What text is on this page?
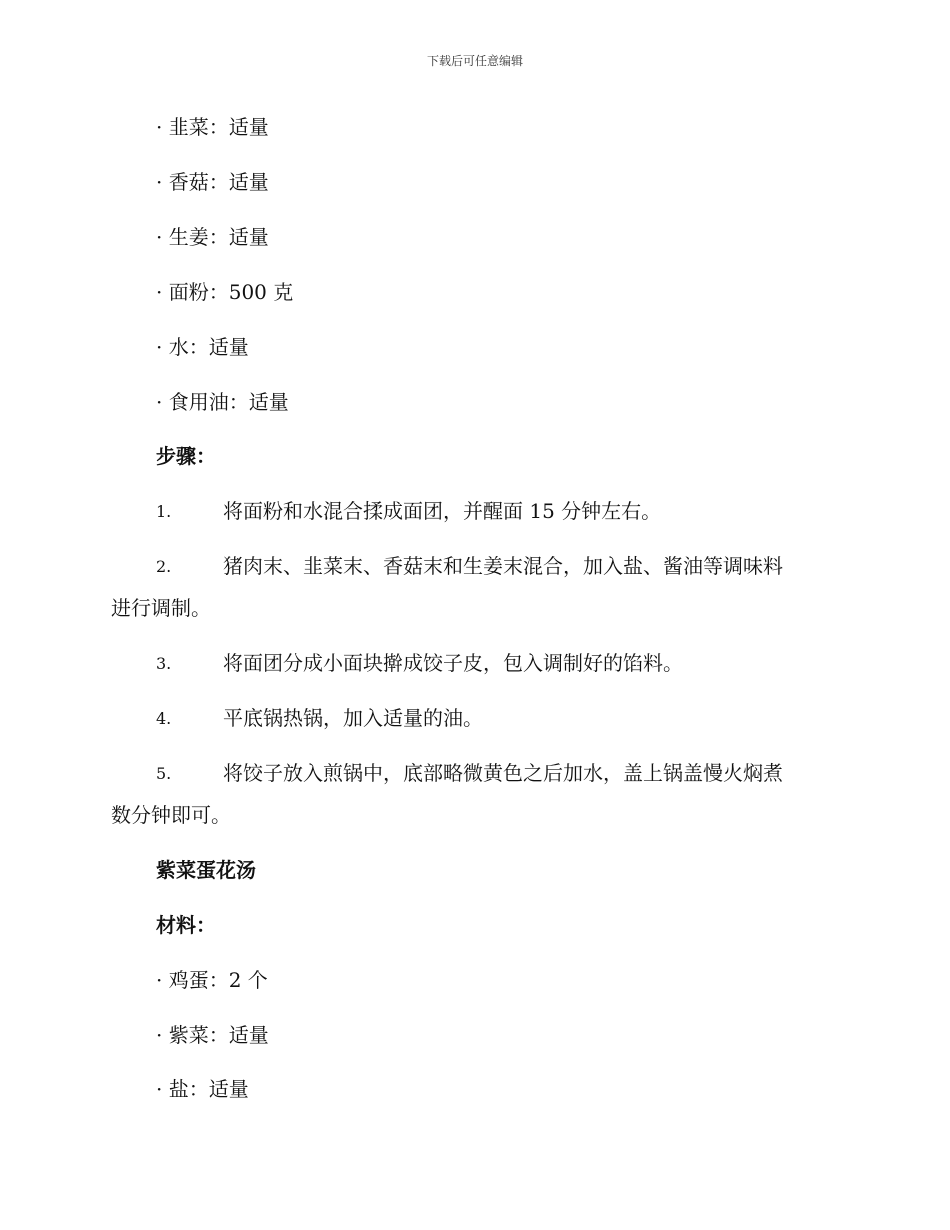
下载后可任意编辑
· 韭菜：适量
· 香菇：适量
· 生姜：适量
· 面粉：500 克
· 水：适量
· 食用油：适量
步骤：
1.	将面粉和水混合揉成面团，并醒面 15 分钟左右。
2.	猪肉末、韭菜末、香菇末和生姜末混合，加入盐、酱油等调味料
进行调制。
3.	将面团分成小面块擀成饺子皮，包入调制好的馅料。
4.	平底锅热锅，加入适量的油。
5.	将饺子放入煎锅中，底部略微黄色之后加水，盖上锅盖慢火焖煮
数分钟即可。
紫菜蛋花汤
材料：
· 鸡蛋：2 个
· 紫菜：适量
· 盐：适量
